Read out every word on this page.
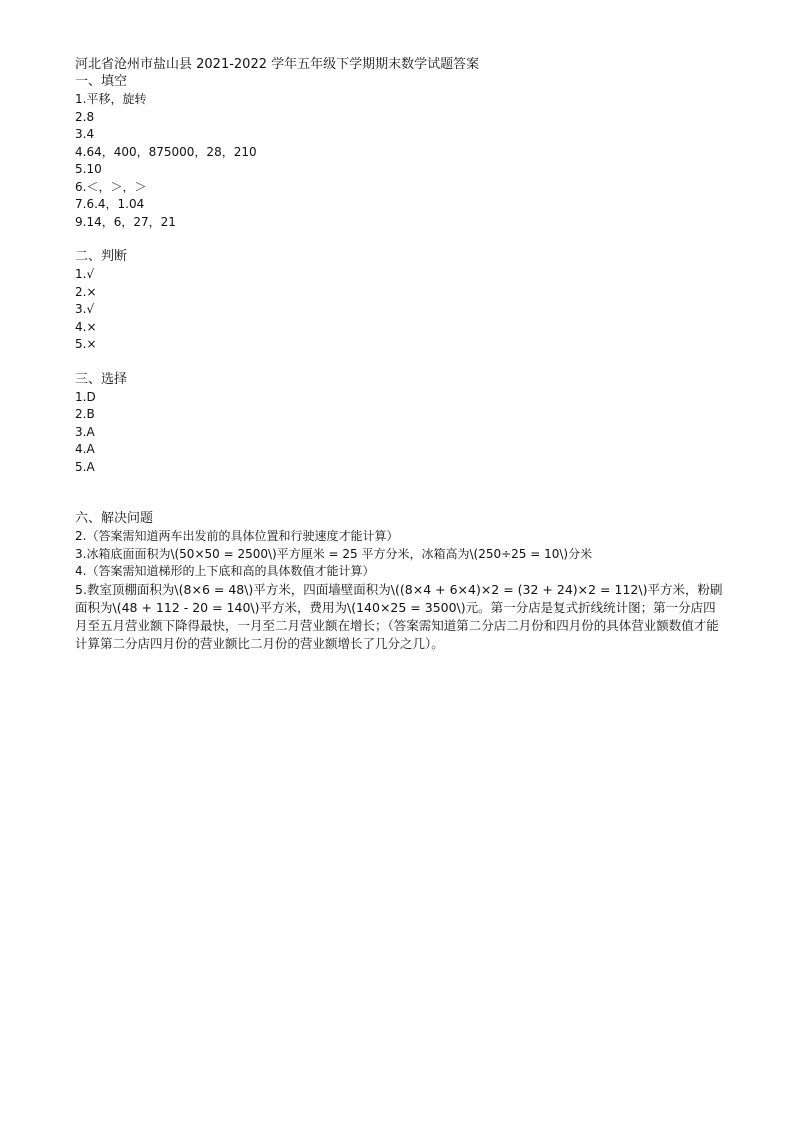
河北省沧州市盐山县 2021-2022 学年五年级下学期期末数学试题答案
一、填空
1.平移，旋转
2.8
3.4
4.64，400，875000，28，210
5.10
6.＜，＞，＞
7.6.4，1.04
9.14，6，27，21
二、判断
1.√
2.×
3.√
4.×
5.×
三、选择
1.D
2.B
3.A
4.A
5.A
六、解决问题
2.（答案需知道两车出发前的具体位置和行驶速度才能计算）
3.冰箱底面面积为\(50×50 = 2500\)平方厘米 = 25 平方分米，冰箱高为\(250÷25 = 10\)分米
4.（答案需知道梯形的上下底和高的具体数值才能计算）
5.教室顶棚面积为\(8×6 = 48\)平方米，四面墙壁面积为\((8×4 + 6×4)×2 = (32 + 24)×2 = 112\)平方米，粉刷面积为\(48 + 112 - 20 = 140\)平方米，费用为\(140×25 = 3500\)元。第一分店是复式折线统计图；第一分店四月至五月营业额下降得最快，一月至二月营业额在增长；（答案需知道第二分店二月份和四月份的具体营业额数值才能计算第二分店四月份的营业额比二月份的营业额增长了几分之几）。
